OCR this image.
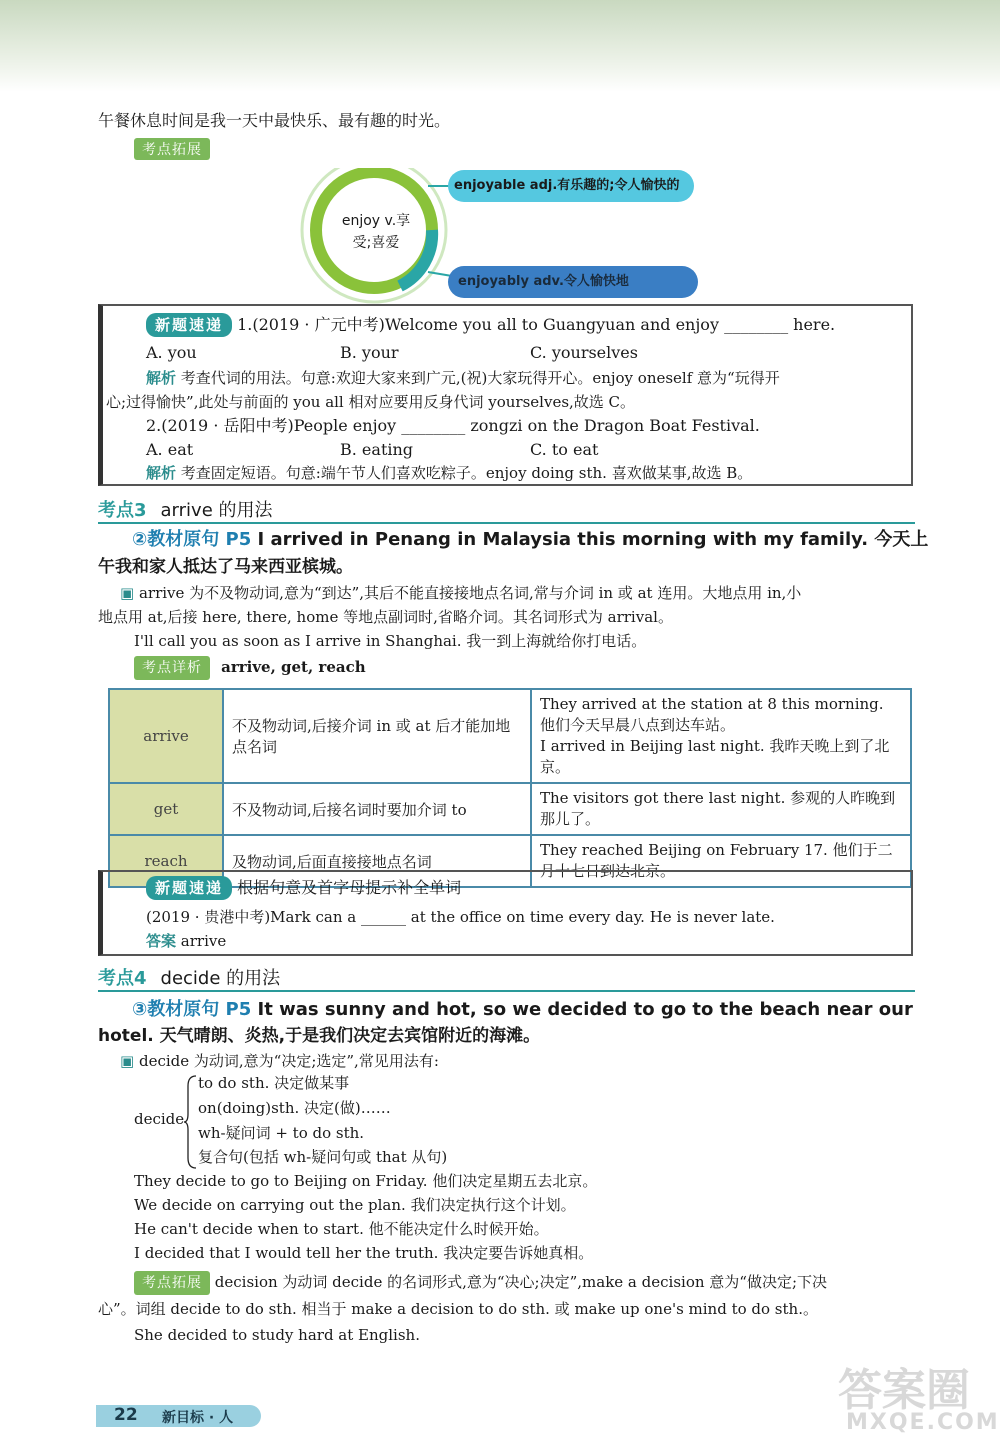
午餐休息时间是我一天中最快乐、最有趣的时光。
考点拓展
enjoy v.享
受;喜爱
enjoyable adj.有乐趣的;令人愉快的
enjoyably adv.令人愉快地
新题速递 1.(2019 · 广元中考)Welcome you all to Guangyuan and enjoy ________ here.
A. you	B. your	C. yourselves
解析 考查代词的用法。句意:欢迎大家来到广元,(祝)大家玩得开心。enjoy oneself 意为“玩得开
心;过得愉快”,此处与前面的 you all 相对应要用反身代词 yourselves,故选 C。
2.(2019 · 岳阳中考)People enjoy ________ zongzi on the Dragon Boat Festival.
A. eat	B. eating	C. to eat
解析 考查固定短语。句意:端午节人们喜欢吃粽子。enjoy doing sth. 喜欢做某事,故选 B。
考点3 arrive 的用法
②教材原句 P5 I arrived in Penang in Malaysia this morning with my family. 今天上
午我和家人抵达了马来西亚槟城。
▣ arrive 为不及物动词,意为“到达”,其后不能直接接地点名词,常与介词 in 或 at 连用。大地点用 in,小
地点用 at,后接 here, there, home 等地点副词时,省略介词。其名词形式为 arrival。
I'll call you as soon as I arrive in Shanghai. 我一到上海就给你打电话。
考点详析 arrive, get, reach
arrive	不及物动词,后接介词 in 或 at 后才能加地点名词	They arrived at the station at 8 this morning. 他们今天早晨八点到达车站。
I arrived in Beijing last night. 我昨天晚上到了北京。

get	不及物动词,后接名词时要加介词 to	The visitors got there last night. 参观的人昨晚到那儿了。
reach	及物动词,后面直接接地点名词	They reached Beijing on February 17. 他们于二月十七日到达北京。
新题速递 根据句意及首字母提示补全单词
(2019 · 贵港中考)Mark can a ______ at the office on time every day. He is never late.
答案 arrive
考点4 decide 的用法
③教材原句 P5 It was sunny and hot, so we decided to go to the beach near our
hotel. 天气晴朗、炎热,于是我们决定去宾馆附近的海滩。
▣ decide 为动词,意为“决定;选定”,常见用法有:
decide
to do sth. 决定做某事
on(doing)sth. 决定(做)……
wh-疑问词 + to do sth.
复合句(包括 wh-疑问句或 that 从句)
They decide to go to Beijing on Friday. 他们决定星期五去北京。
We decide on carrying out the plan. 我们决定执行这个计划。
He can't decide when to start. 他不能决定什么时候开始。
I decided that I would tell her the truth. 我决定要告诉她真相。
考点拓展 decision 为动词 decide 的名词形式,意为“决心;决定”,make a decision 意为“做决定;下决
心”。词组 decide to do sth. 相当于 make a decision to do sth. 或 make up one's mind to do sth.。
She decided to study hard at English.
22 新目标 · 人
答案圈
MXQE.COM
